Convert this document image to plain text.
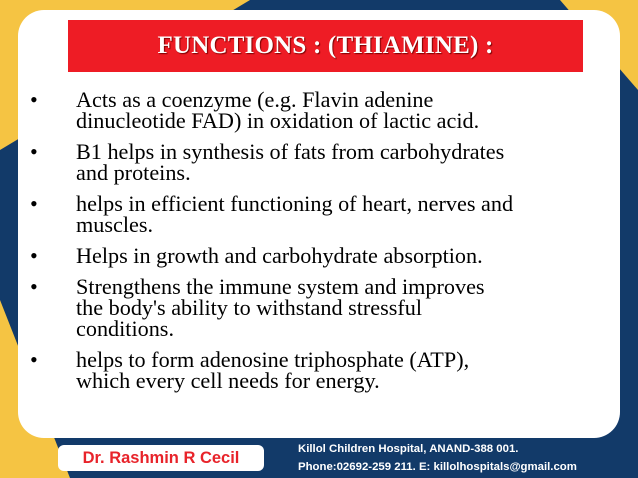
FUNCTIONS : (THIAMINE) :
•	Acts as a coenzyme (e.g. Flavin adenine
dinucleotide FAD) in oxidation of lactic acid.
•	B1 helps in synthesis of fats from carbohydrates
and proteins.
•	helps in efficient functioning of heart, nerves and
muscles.
•	Helps in growth and carbohydrate absorption.
•	Strengthens the immune system and improves
the body's ability to withstand stressful
conditions.
•	helps to form adenosine triphosphate (ATP),
which every cell needs for energy.
Dr. Rashmin R Cecil	Killol Children Hospital, ANAND-388 001.
Phone:02692-259 211. E: killolhospitals@gmail.com
